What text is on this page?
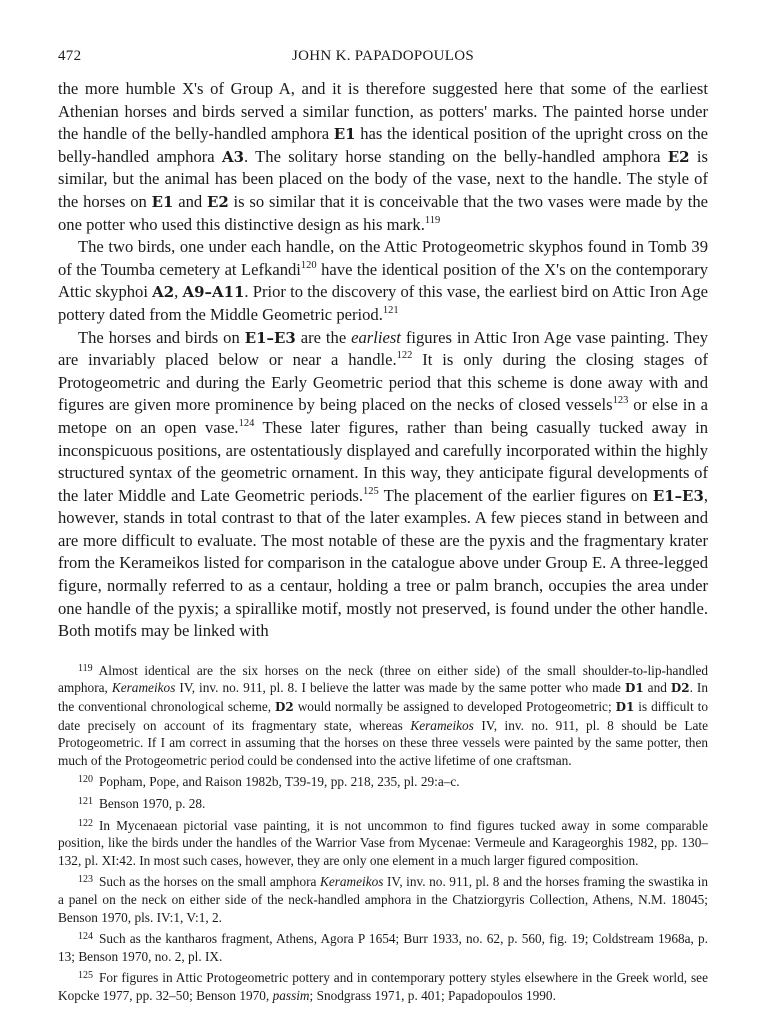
472	JOHN K. PAPADOPOULOS

the more humble X's of Group A, and it is therefore suggested here that some of the earliest Athenian horses and birds served a similar function, as potters' marks. The painted horse under the handle of the belly-handled amphora E1 has the identical position of the upright cross on the belly-handled amphora A3. The solitary horse standing on the belly-handled amphora E2 is similar, but the animal has been placed on the body of the vase, next to the handle. The style of the horses on E1 and E2 is so similar that it is conceivable that the two vases were made by the one potter who used this distinctive design as his mark.$^{119}$

The two birds, one under each handle, on the Attic Protogeometric skyphos found in Tomb 39 of the Toumba cemetery at Lefkandi$^{120}$ have the identical position of the X's on the contemporary Attic skyphoi A2, A9–A11. Prior to the discovery of this vase, the earliest bird on Attic Iron Age pottery dated from the Middle Geometric period.$^{121}$

The horses and birds on E1–E3 are the earliest figures in Attic Iron Age vase painting. They are invariably placed below or near a handle.$^{122}$ It is only during the closing stages of Protogeometric and during the Early Geometric period that this scheme is done away with and figures are given more prominence by being placed on the necks of closed vessels$^{123}$ or else in a metope on an open vase.$^{124}$ These later figures, rather than being casually tucked away in inconspicuous positions, are ostentatiously displayed and carefully incorporated within the highly structured syntax of the geometric ornament. In this way, they anticipate figural developments of the later Middle and Late Geometric periods.$^{125}$ The placement of the earlier figures on E1–E3, however, stands in total contrast to that of the later examples. A few pieces stand in between and are more difficult to evaluate. The most notable of these are the pyxis and the fragmentary krater from the Kerameikos listed for comparison in the catalogue above under Group E. A three-legged figure, normally referred to as a centaur, holding a tree or palm branch, occupies the area under one handle of the pyxis; a spirallike motif, mostly not preserved, is found under the other handle. Both motifs may be linked with

$^{119}$ Almost identical are the six horses on the neck (three on either side) of the small shoulder-to-lip-handled amphora, Kerameikos IV, inv. no. 911, pl. 8. I believe the latter was made by the same potter who made D1 and D2. In the conventional chronological scheme, D2 would normally be assigned to developed Protogeometric; D1 is difficult to date precisely on account of its fragmentary state, whereas Kerameikos IV, inv. no. 911, pl. 8 should be Late Protogeometric. If I am correct in assuming that the horses on these three vessels were painted by the same potter, then much of the Protogeometric period could be condensed into the active lifetime of one craftsman.

$^{120}$ Popham, Pope, and Raison 1982b, T39-19, pp. 218, 235, pl. 29:a–c.

$^{121}$ Benson 1970, p. 28.

$^{122}$ In Mycenaean pictorial vase painting, it is not uncommon to find figures tucked away in some comparable position, like the birds under the handles of the Warrior Vase from Mycenae: Vermeule and Karageorghis 1982, pp. 130–132, pl. XI:42. In most such cases, however, they are only one element in a much larger figured composition.

$^{123}$ Such as the horses on the small amphora Kerameikos IV, inv. no. 911, pl. 8 and the horses framing the swastika in a panel on the neck on either side of the neck-handled amphora in the Chatziorgyris Collection, Athens, N.M. 18045; Benson 1970, pls. IV:1, V:1, 2.

$^{124}$ Such as the kantharos fragment, Athens, Agora P 1654; Burr 1933, no. 62, p. 560, fig. 19; Coldstream 1968a, p. 13; Benson 1970, no. 2, pl. IX.

$^{125}$ For figures in Attic Protogeometric pottery and in contemporary pottery styles elsewhere in the Greek world, see Kopcke 1977, pp. 32–50; Benson 1970, passim; Snodgrass 1971, p. 401; Papadopoulos 1990.
